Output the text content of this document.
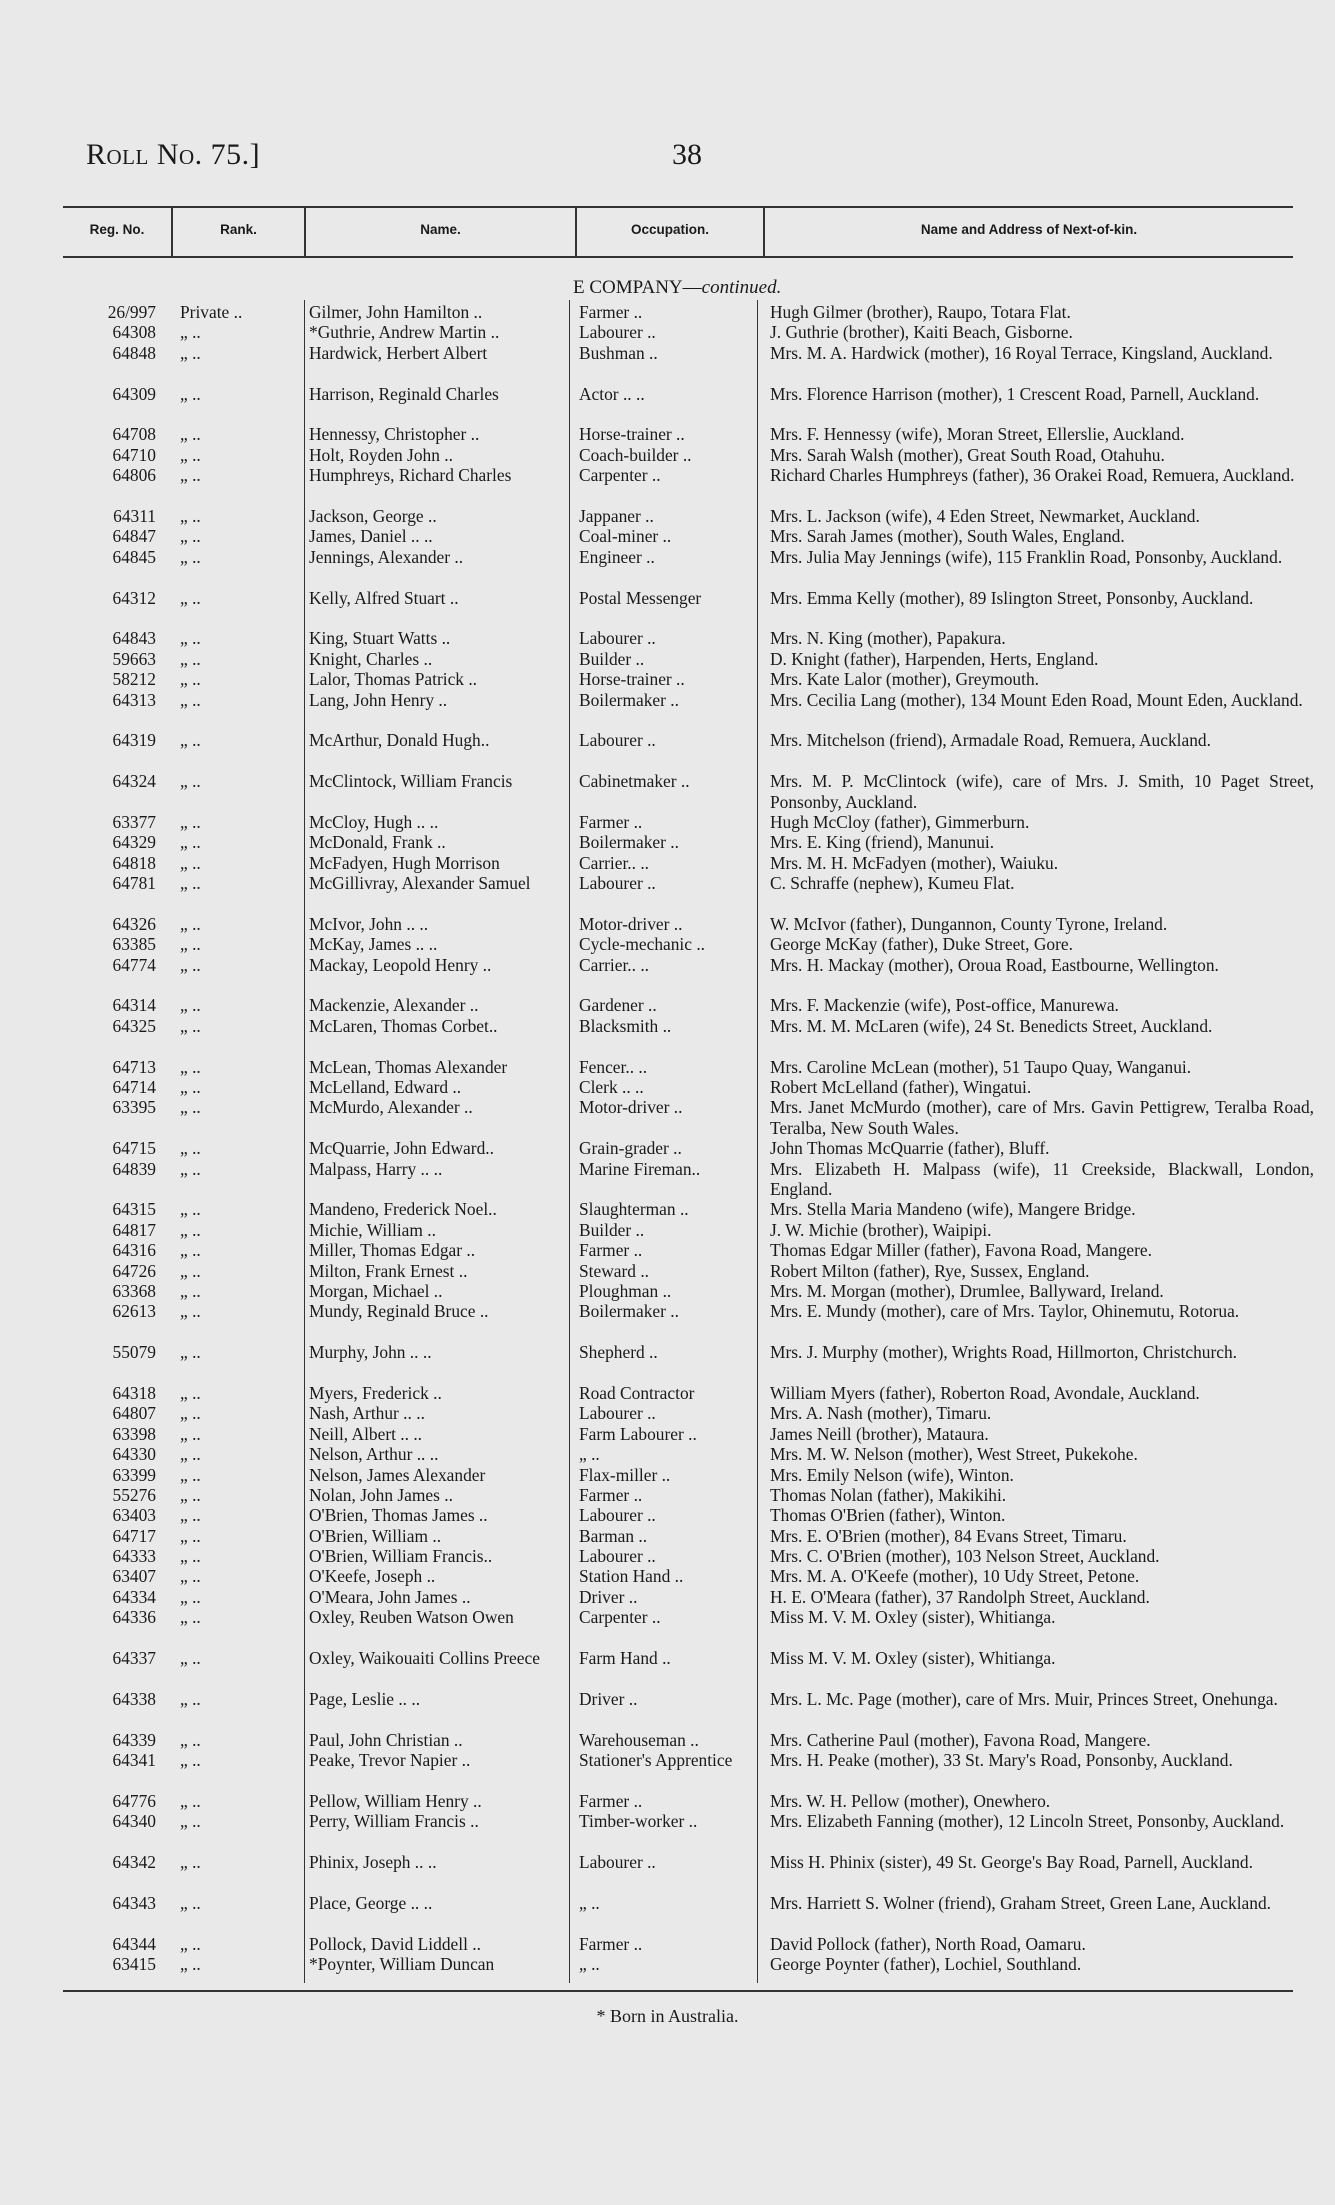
Roll No. 75.]	38
Reg. No.	Rank.	Name.	Occupation.	Name and Address of Next-of-kin.
E COMPANY—continued.
26/997 Private ..	Gilmer, John Hamilton ..	Farmer ..	Hugh Gilmer (brother), Raupo, Totara Flat.
64308 „ ..	*Guthrie, Andrew Martin ..	Labourer ..	J. Guthrie (brother), Kaiti Beach, Gisborne.
64848 „ ..	Hardwick, Herbert Albert	Bushman ..	Mrs. M. A. Hardwick (mother), 16 Royal Terrace, Kingsland, Auckland.
64309 „ ..	Harrison, Reginald Charles	Actor .. ..	Mrs. Florence Harrison (mother), 1 Crescent Road, Parnell, Auckland.
64708 „ ..	Hennessy, Christopher ..	Horse-trainer ..	Mrs. F. Hennessy (wife), Moran Street, Ellerslie, Auckland.
64710 „ ..	Holt, Royden John ..	Coach-builder ..	Mrs. Sarah Walsh (mother), Great South Road, Otahuhu.
64806 „ ..	Humphreys, Richard Charles	Carpenter ..	Richard Charles Humphreys (father), 36 Orakei Road, Remuera, Auckland.
64311 „ ..	Jackson, George ..	Jappaner ..	Mrs. L. Jackson (wife), 4 Eden Street, Newmarket, Auckland.
64847 „ ..	James, Daniel .. ..	Coal-miner ..	Mrs. Sarah James (mother), South Wales, England.
64845 „ ..	Jennings, Alexander ..	Engineer ..	Mrs. Julia May Jennings (wife), 115 Franklin Road, Ponsonby, Auckland.
64312 „ ..	Kelly, Alfred Stuart ..	Postal Messenger	Mrs. Emma Kelly (mother), 89 Islington Street, Ponsonby, Auckland.
64843 „ ..	King, Stuart Watts ..	Labourer ..	Mrs. N. King (mother), Papakura.
59663 „ ..	Knight, Charles ..	Builder ..	D. Knight (father), Harpenden, Herts, England.
58212 „ ..	Lalor, Thomas Patrick ..	Horse-trainer ..	Mrs. Kate Lalor (mother), Greymouth.
64313 „ ..	Lang, John Henry ..	Boilermaker ..	Mrs. Cecilia Lang (mother), 134 Mount Eden Road, Mount Eden, Auckland.
64319 „ ..	McArthur, Donald Hugh..	Labourer ..	Mrs. Mitchelson (friend), Armadale Road, Remuera, Auckland.
64324 „ ..	McClintock, William Francis	Cabinetmaker ..	Mrs. M. P. McClintock (wife), care of Mrs. J. Smith, 10 Paget Street, Ponsonby, Auckland.
63377 „ ..	McCloy, Hugh .. ..	Farmer ..	Hugh McCloy (father), Gimmerburn.
64329 „ ..	McDonald, Frank ..	Boilermaker ..	Mrs. E. King (friend), Manunui.
64818 „ ..	McFadyen, Hugh Morrison	Carrier.. ..	Mrs. M. H. McFadyen (mother), Waiuku.
64781 „ ..	McGillivray, Alexander Samuel	Labourer ..	C. Schraffe (nephew), Kumeu Flat.
64326 „ ..	McIvor, John .. ..	Motor-driver ..	W. McIvor (father), Dungannon, County Tyrone, Ireland.
63385 „ ..	McKay, James .. ..	Cycle-mechanic ..	George McKay (father), Duke Street, Gore.
64774 „ ..	Mackay, Leopold Henry ..	Carrier.. ..	Mrs. H. Mackay (mother), Oroua Road, Eastbourne, Wellington.
64314 „ ..	Mackenzie, Alexander ..	Gardener ..	Mrs. F. Mackenzie (wife), Post-office, Manurewa.
64325 „ ..	McLaren, Thomas Corbet..	Blacksmith ..	Mrs. M. M. McLaren (wife), 24 St. Benedicts Street, Auckland.
64713 „ ..	McLean, Thomas Alexander	Fencer.. ..	Mrs. Caroline McLean (mother), 51 Taupo Quay, Wanganui.
64714 „ ..	McLelland, Edward ..	Clerk .. ..	Robert McLelland (father), Wingatui.
63395 „ ..	McMurdo, Alexander ..	Motor-driver ..	Mrs. Janet McMurdo (mother), care of Mrs. Gavin Pettigrew, Teralba Road, Teralba, New South Wales.
64715 „ ..	McQuarrie, John Edward..	Grain-grader ..	John Thomas McQuarrie (father), Bluff.
64839 „ ..	Malpass, Harry .. ..	Marine Fireman..	Mrs. Elizabeth H. Malpass (wife), 11 Creekside, Blackwall, London, England.
64315 „ ..	Mandeno, Frederick Noel..	Slaughterman ..	Mrs. Stella Maria Mandeno (wife), Mangere Bridge.
64817 „ ..	Michie, William ..	Builder ..	J. W. Michie (brother), Waipipi.
64316 „ ..	Miller, Thomas Edgar ..	Farmer ..	Thomas Edgar Miller (father), Favona Road, Mangere.
64726 „ ..	Milton, Frank Ernest ..	Steward ..	Robert Milton (father), Rye, Sussex, England.
63368 „ ..	Morgan, Michael ..	Ploughman ..	Mrs. M. Morgan (mother), Drumlee, Ballyward, Ireland.
62613 „ ..	Mundy, Reginald Bruce ..	Boilermaker ..	Mrs. E. Mundy (mother), care of Mrs. Taylor, Ohinemutu, Rotorua.
55079 „ ..	Murphy, John .. ..	Shepherd ..	Mrs. J. Murphy (mother), Wrights Road, Hillmorton, Christchurch.
64318 „ ..	Myers, Frederick ..	Road Contractor	William Myers (father), Roberton Road, Avondale, Auckland.
64807 „ ..	Nash, Arthur .. ..	Labourer ..	Mrs. A. Nash (mother), Timaru.
63398 „ ..	Neill, Albert .. ..	Farm Labourer ..	James Neill (brother), Mataura.
64330 „ ..	Nelson, Arthur .. ..	„ ..	Mrs. M. W. Nelson (mother), West Street, Pukekohe.
63399 „ ..	Nelson, James Alexander	Flax-miller ..	Mrs. Emily Nelson (wife), Winton.
55276 „ ..	Nolan, John James ..	Farmer ..	Thomas Nolan (father), Makikihi.
63403 „ ..	O'Brien, Thomas James ..	Labourer ..	Thomas O'Brien (father), Winton.
64717 „ ..	O'Brien, William ..	Barman ..	Mrs. E. O'Brien (mother), 84 Evans Street, Timaru.
64333 „ ..	O'Brien, William Francis..	Labourer ..	Mrs. C. O'Brien (mother), 103 Nelson Street, Auckland.
63407 „ ..	O'Keefe, Joseph ..	Station Hand ..	Mrs. M. A. O'Keefe (mother), 10 Udy Street, Petone.
64334 „ ..	O'Meara, John James ..	Driver ..	H. E. O'Meara (father), 37 Randolph Street, Auckland.
64336 „ ..	Oxley, Reuben Watson Owen	Carpenter ..	Miss M. V. M. Oxley (sister), Whitianga.
64337 „ ..	Oxley, Waikouaiti Collins Preece	Farm Hand ..	Miss M. V. M. Oxley (sister), Whitianga.
64338 „ ..	Page, Leslie .. ..	Driver ..	Mrs. L. Mc. Page (mother), care of Mrs. Muir, Princes Street, Onehunga.
64339 „ ..	Paul, John Christian ..	Warehouseman ..	Mrs. Catherine Paul (mother), Favona Road, Mangere.
64341 „ ..	Peake, Trevor Napier ..	Stationer's Apprentice	Mrs. H. Peake (mother), 33 St. Mary's Road, Ponsonby, Auckland.
64776 „ ..	Pellow, William Henry ..	Farmer ..	Mrs. W. H. Pellow (mother), Onewhero.
64340 „ ..	Perry, William Francis ..	Timber-worker ..	Mrs. Elizabeth Fanning (mother), 12 Lincoln Street, Ponsonby, Auckland.
64342 „ ..	Phinix, Joseph .. ..	Labourer ..	Miss H. Phinix (sister), 49 St. George's Bay Road, Parnell, Auckland.
64343 „ ..	Place, George .. ..	„ ..	Mrs. Harriett S. Wolner (friend), Graham Street, Green Lane, Auckland.
64344 „ ..	Pollock, David Liddell ..	Farmer ..	David Pollock (father), North Road, Oamaru.
63415 „ ..	*Poynter, William Duncan	„ ..	George Poynter (father), Lochiel, Southland.
* Born in Australia.
